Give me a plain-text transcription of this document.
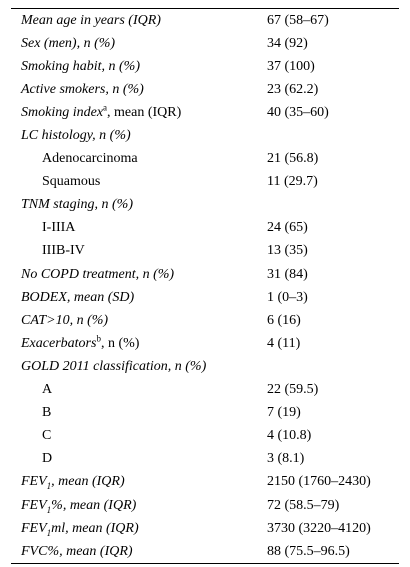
Mean age in years (IQR)	67 (58–67)
Sex (men), n (%)	34 (92)
Smoking habit, n (%)	37 (100)
Active smokers, n (%)	23 (62.2)
Smoking index$^a$, mean (IQR)	40 (35–60)
LC histology, n (%)	
Adenocarcinoma	21 (56.8)
Squamous	11 (29.7)
TNM staging, n (%)	
I-IIIA	24 (65)
IIIB-IV	13 (35)
No COPD treatment, n (%)	31 (84)
BODEX, mean (SD)	1 (0–3)
CAT>10, n (%)	6 (16)
Exacerbators$^b$, n (%)	4 (11)
GOLD 2011 classification, n (%)	
A	22 (59.5)
B	7 (19)
C	4 (10.8)
D	3 (8.1)
$FEV_1$, mean (IQR)	2150 (1760–2430)
$FEV_1\%$, mean (IQR)	72 (58.5–79)
$FEV_1ml$, mean (IQR)	3730 (3220–4120)
FVC%, mean (IQR)	88 (75.5–96.5)
